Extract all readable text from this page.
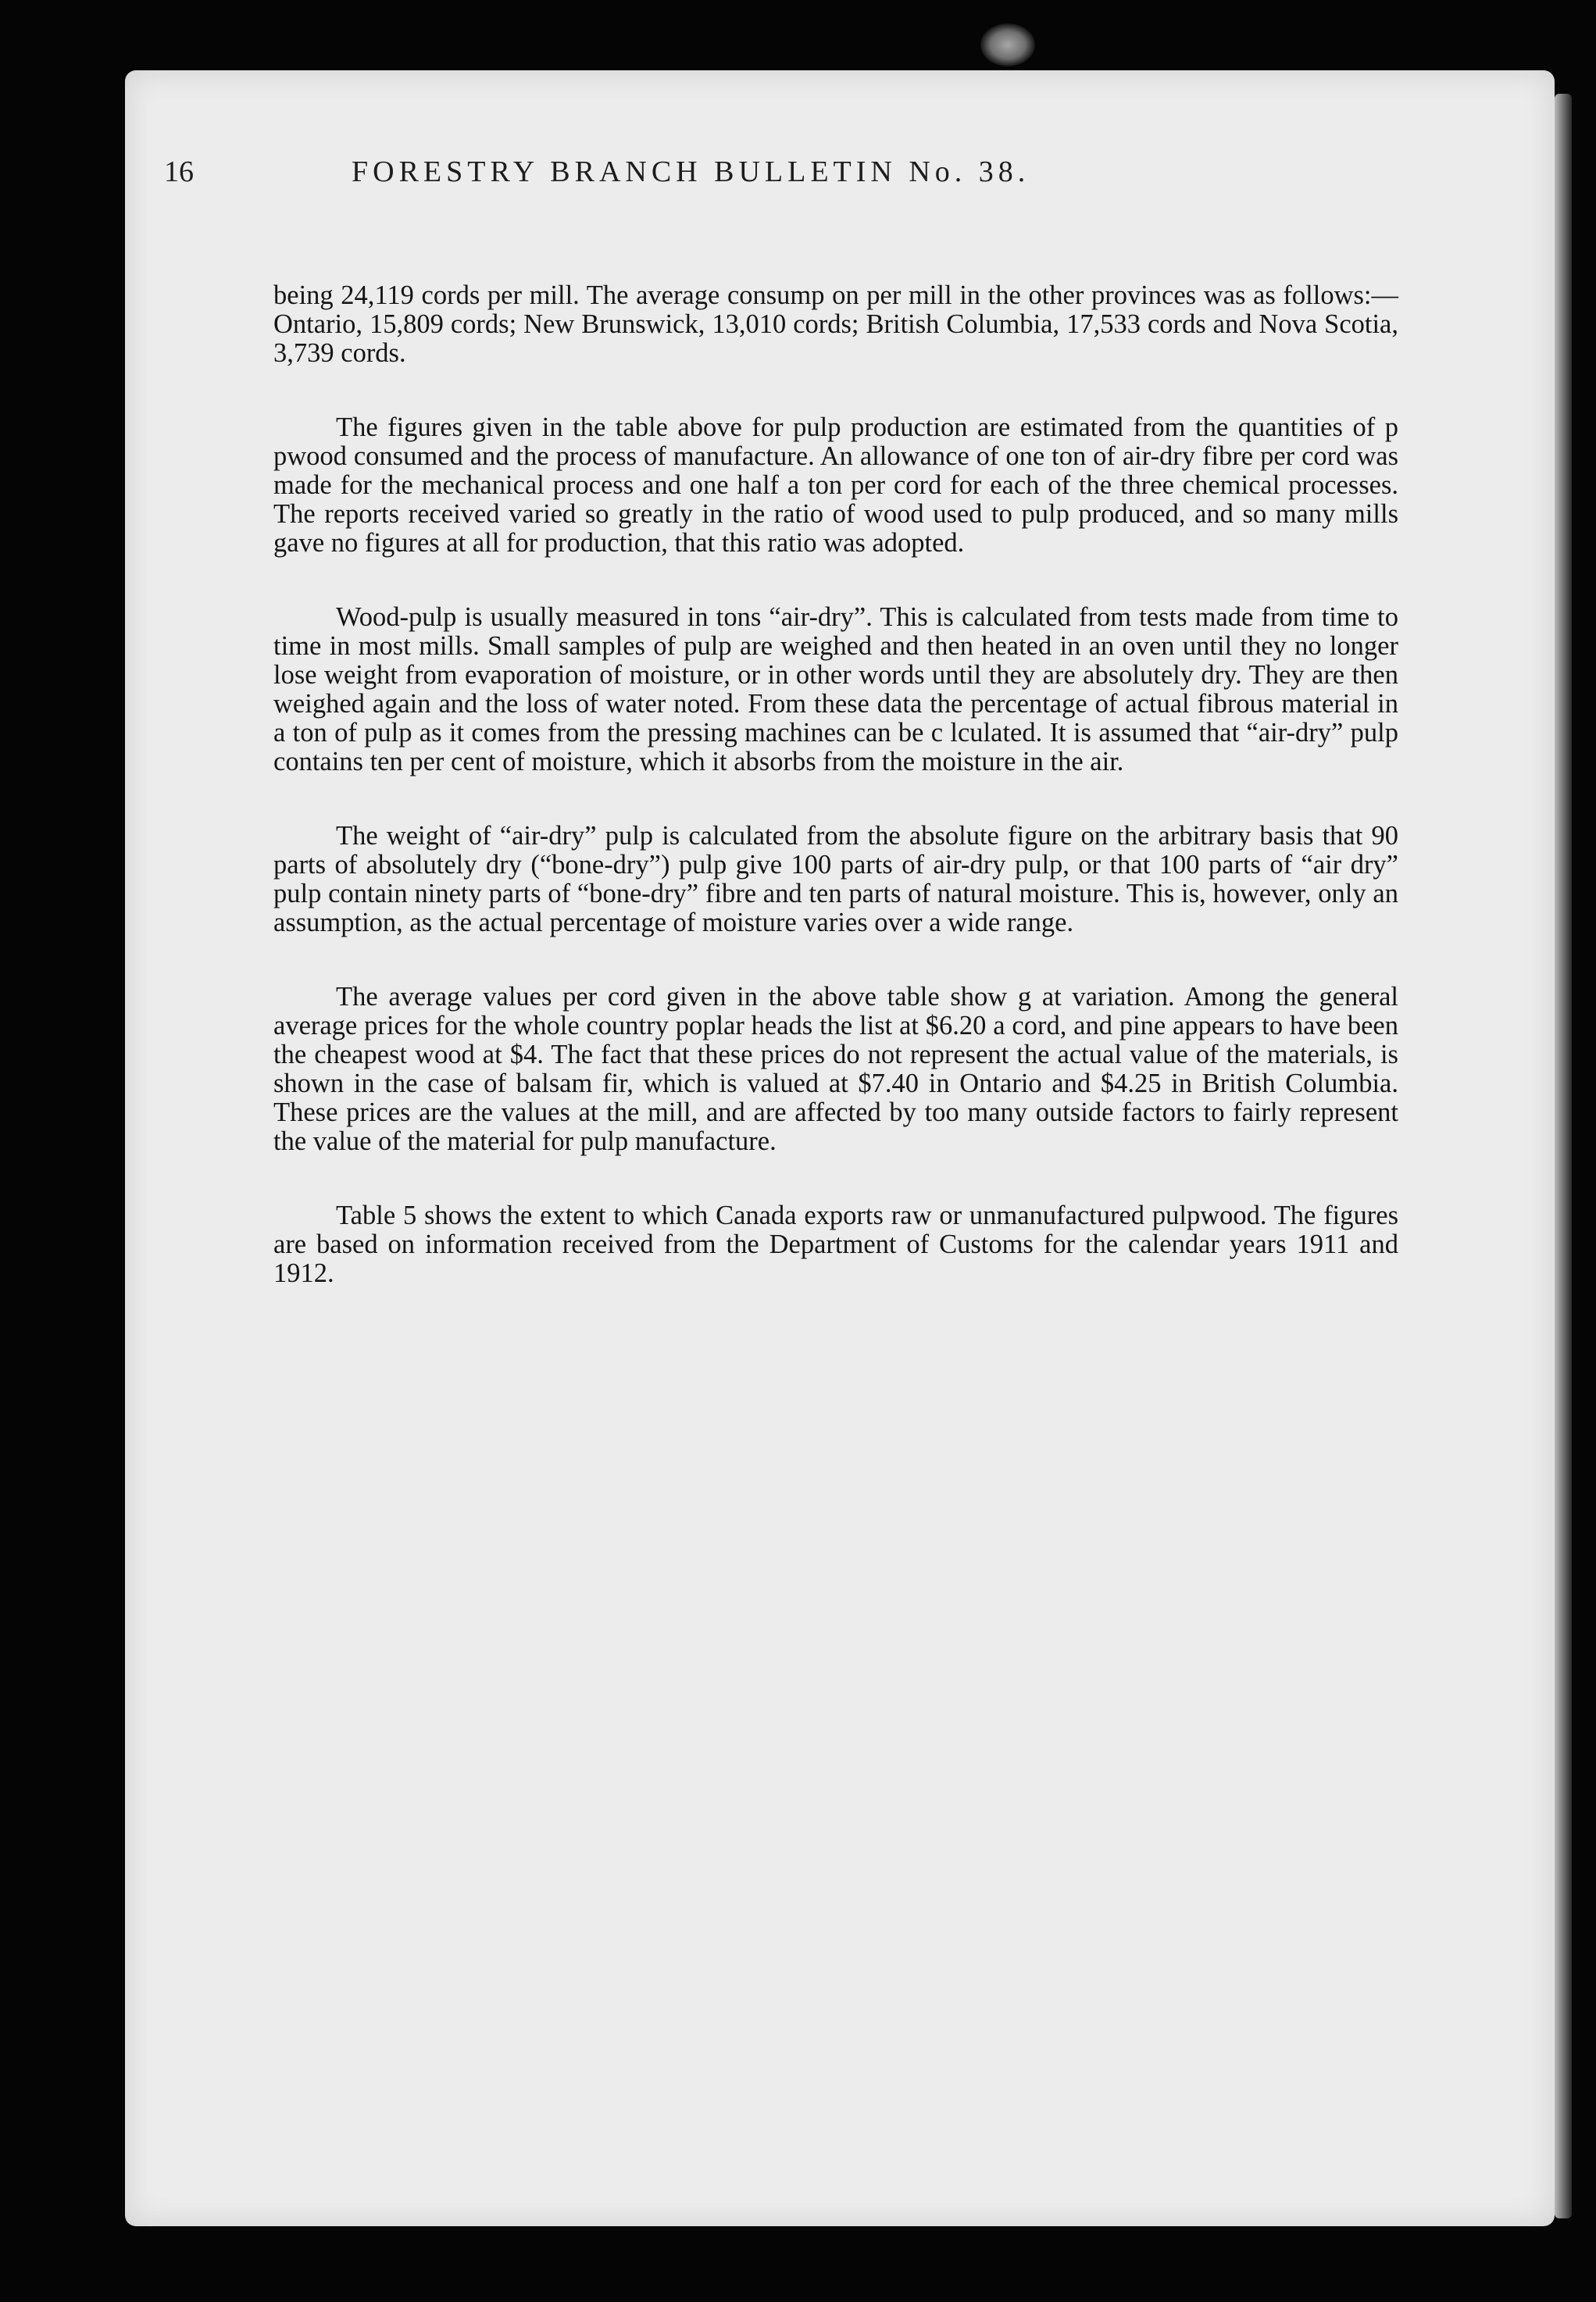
16	FORESTRY BRANCH BULLETIN No. 38.

being 24,119 cords per mill. The average consump on per mill in the other provinces was as follows:—Ontario, 15,809 cords; New Brunswick, 13,010 cords; British Columbia, 17,533 cords and Nova Scotia, 3,739 cords.

The figures given in the table above for pulp production are estimated from the quantities of p pwood consumed and the process of manufacture. An allowance of one ton of air-dry fibre per cord was made for the mechanical process and one half a ton per cord for each of the three chemical processes. The reports received varied so greatly in the ratio of wood used to pulp produced, and so many mills gave no figures at all for production, that this ratio was adopted.

Wood-pulp is usually measured in tons “air-dry”. This is calculated from tests made from time to time in most mills. Small samples of pulp are weighed and then heated in an oven until they no longer lose weight from evaporation of moisture, or in other words until they are absolutely dry. They are then weighed again and the loss of water noted. From these data the percentage of actual fibrous material in a ton of pulp as it comes from the pressing machines can be c lculated. It is assumed that “air-dry” pulp contains ten per cent of moisture, which it absorbs from the moisture in the air.

The weight of “air-dry” pulp is calculated from the absolute figure on the arbitrary basis that 90 parts of absolutely dry (“bone-dry”) pulp give 100 parts of air-dry pulp, or that 100 parts of “air dry” pulp contain ninety parts of “bone-dry” fibre and ten parts of natural moisture. This is, however, only an assumption, as the actual percentage of moisture varies over a wide range.

The average values per cord given in the above table show g at variation. Among the general average prices for the whole country poplar heads the list at $6.20 a cord, and pine appears to have been the cheapest wood at $4. The fact that these prices do not represent the actual value of the materials, is shown in the case of balsam fir, which is valued at $7.40 in Ontario and $4.25 in British Columbia. These prices are the values at the mill, and are affected by too many outside factors to fairly represent the value of the material for pulp manufacture.

Table 5 shows the extent to which Canada exports raw or unmanufactured pulpwood. The figures are based on information received from the Department of Customs for the calendar years 1911 and 1912.
